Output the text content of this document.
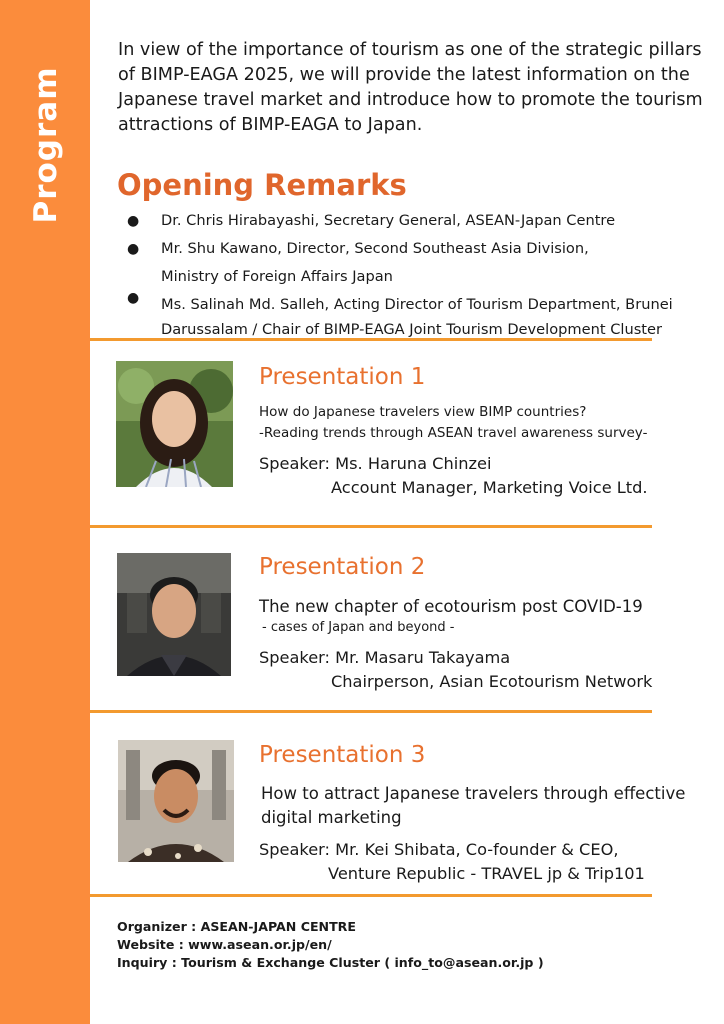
Program

In view of the importance of tourism as one of the strategic pillars of BIMP-EAGA 2025, we will provide the latest information on the Japanese travel market and introduce how to promote the tourism attractions of BIMP-EAGA to Japan.

Opening Remarks
● Dr. Chris Hirabayashi, Secretary General, ASEAN-Japan Centre
● Mr. Shu Kawano, Director, Second Southeast Asia Division,
Ministry of Foreign Affairs Japan
● Ms. Salinah Md. Salleh, Acting Director of Tourism Department, Brunei
Darussalam / Chair of BIMP-EAGA Joint Tourism Development Cluster
Presentation 1
How do Japanese travelers view BIMP countries?
-Reading trends through ASEAN travel awareness survey-
Speaker: Ms. Haruna Chinzei
Account Manager, Marketing Voice Ltd.
Presentation 2
The new chapter of ecotourism post COVID-19
- cases of Japan and beyond -
Speaker: Mr. Masaru Takayama
Chairperson, Asian Ecotourism Network
Presentation 3
How to attract Japanese travelers through effective
digital marketing
Speaker: Mr. Kei Shibata, Co-founder & CEO,
Venture Republic - TRAVEL jp & Trip101
Organizer : ASEAN-JAPAN CENTRE
Website : www.asean.or.jp/en/
Inquiry : Tourism & Exchange Cluster ( info_to@asean.or.jp )
